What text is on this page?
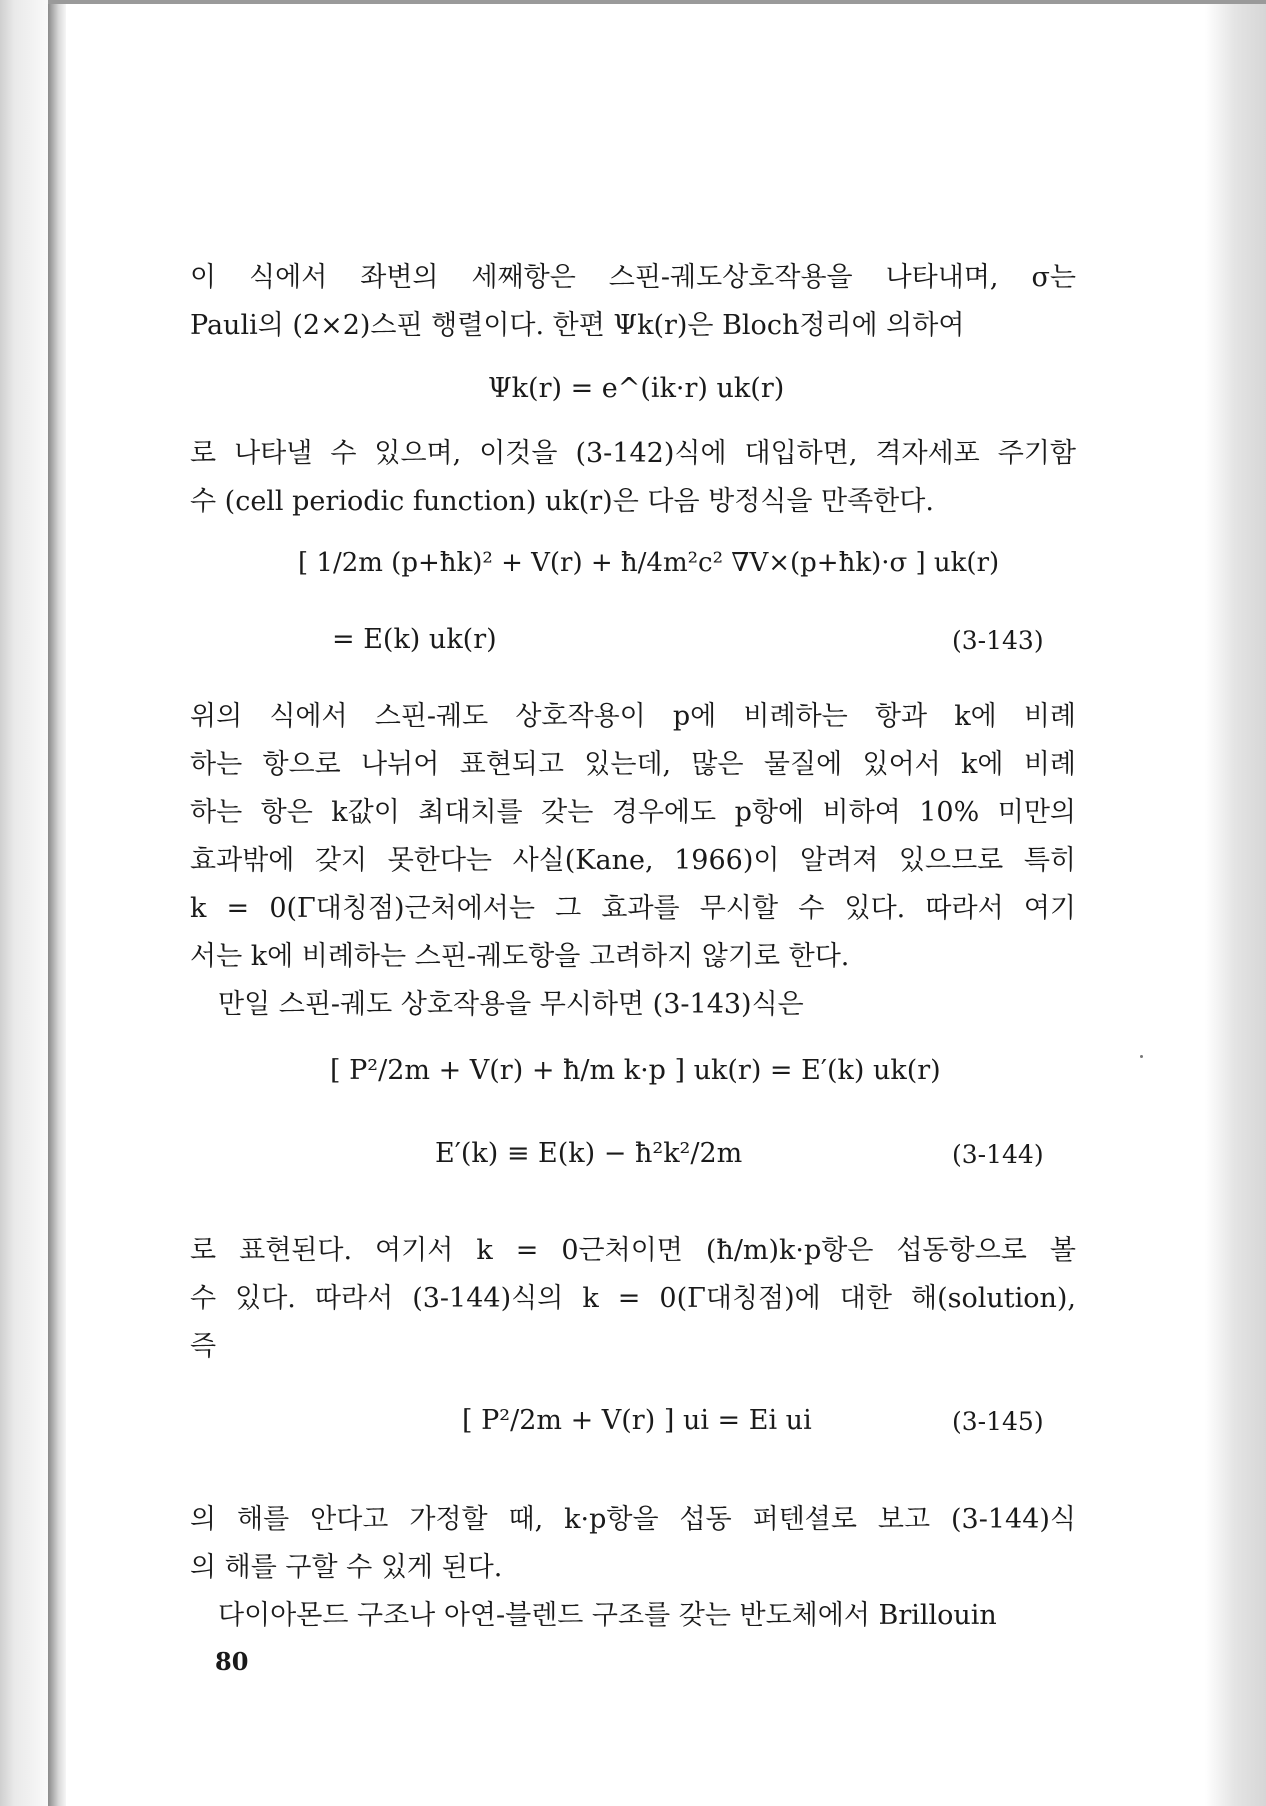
이 식에서 좌변의 세째항은 스핀-궤도상호작용을 나타내며, σ는
Pauli의 (2×2)스핀 행렬이다. 한편 Ψk(r)은 Bloch정리에 의하여
Ψk(r) = e^(ik·r) uk(r)
로 나타낼 수 있으며, 이것을 (3-142)식에 대입하면, 격자세포 주기함
수 (cell periodic function) uk(r)은 다음 방정식을 만족한다.
[ 1/2m (p+ħk)² + V(r) + ħ/4m²c² ∇V×(p+ħk)·σ ] uk(r)
= E(k) uk(r)	(3-143)
위의 식에서 스핀-궤도 상호작용이 p에 비례하는 항과 k에 비례
하는 항으로 나뉘어 표현되고 있는데, 많은 물질에 있어서 k에 비례
하는 항은 k값이 최대치를 갖는 경우에도 p항에 비하여 10% 미만의
효과밖에 갖지 못한다는 사실(Kane, 1966)이 알려져 있으므로 특히
k = 0(Γ대칭점)근처에서는 그 효과를 무시할 수 있다. 따라서 여기
서는 k에 비례하는 스핀-궤도항을 고려하지 않기로 한다.
만일 스핀-궤도 상호작용을 무시하면 (3-143)식은
[ P²/2m + V(r) + ħ/m k·p ] uk(r) = E′(k) uk(r)
E′(k) ≡ E(k) − ħ²k²/2m	(3-144)
로 표현된다. 여기서 k = 0근처이면 (ħ/m)k·p항은 섭동항으로 볼
수 있다. 따라서 (3-144)식의 k = 0(Γ대칭점)에 대한 해(solution),
즉
[ P²/2m + V(r) ] ui = Ei ui	(3-145)
의 해를 안다고 가정할 때, k·p항을 섭동 퍼텐셜로 보고 (3-144)식
의 해를 구할 수 있게 된다.
다이아몬드 구조나 아연-블렌드 구조를 갖는 반도체에서 Brillouin
80
